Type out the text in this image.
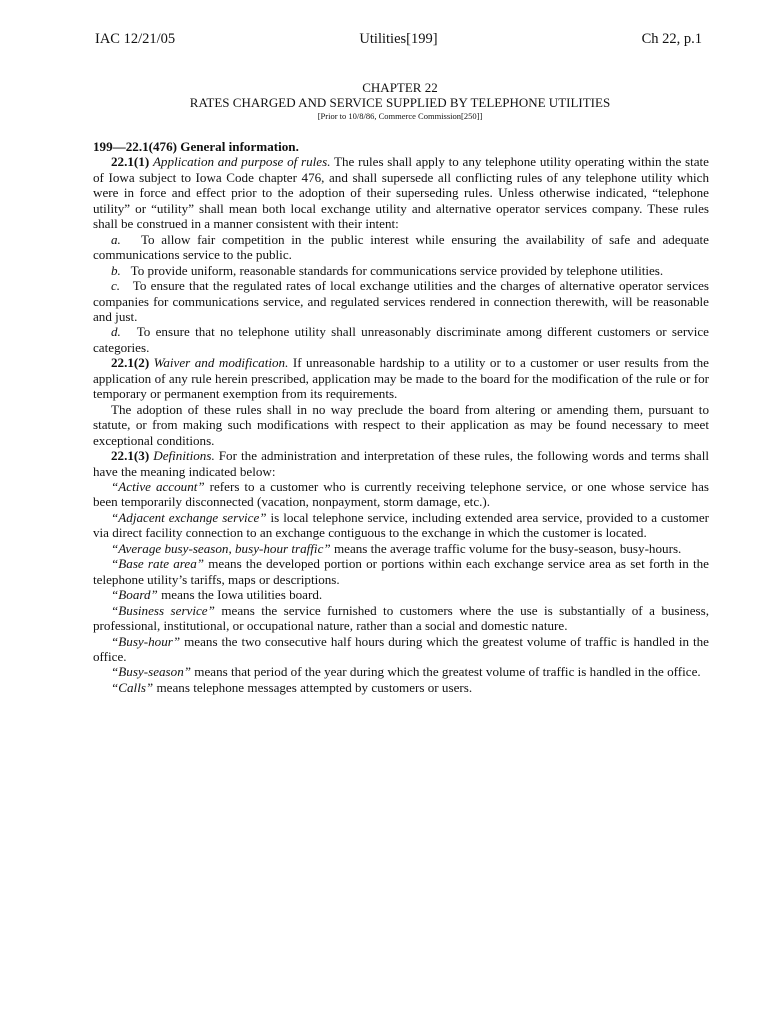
IAC 12/21/05	Utilities[199]	Ch 22, p.1
CHAPTER 22
RATES CHARGED AND SERVICE SUPPLIED BY TELEPHONE UTILITIES
[Prior to 10/8/86, Commerce Commission[250]]

199—22.1(476) General information.

22.1(1) Application and purpose of rules. The rules shall apply to any telephone utility operating within the state of Iowa subject to Iowa Code chapter 476, and shall supersede all conflicting rules of any telephone utility which were in force and effect prior to the adoption of their superseding rules. Unless otherwise indicated, “telephone utility” or “utility” shall mean both local exchange utility and alternative operator services company. These rules shall be construed in a manner consistent with their intent:

a. To allow fair competition in the public interest while ensuring the availability of safe and adequate communications service to the public.

b. To provide uniform, reasonable standards for communications service provided by telephone utilities.

c. To ensure that the regulated rates of local exchange utilities and the charges of alternative operator services companies for communications service, and regulated services rendered in connection therewith, will be reasonable and just.

d. To ensure that no telephone utility shall unreasonably discriminate among different customers or service categories.

22.1(2) Waiver and modification. If unreasonable hardship to a utility or to a customer or user results from the application of any rule herein prescribed, application may be made to the board for the modification of the rule or for temporary or permanent exemption from its requirements.

The adoption of these rules shall in no way preclude the board from altering or amending them, pursuant to statute, or from making such modifications with respect to their application as may be found necessary to meet exceptional conditions.

22.1(3) Definitions. For the administration and interpretation of these rules, the following words and terms shall have the meaning indicated below:

“Active account” refers to a customer who is currently receiving telephone service, or one whose service has been temporarily disconnected (vacation, nonpayment, storm damage, etc.).

“Adjacent exchange service” is local telephone service, including extended area service, provided to a customer via direct facility connection to an exchange contiguous to the exchange in which the customer is located.

“Average busy-season, busy-hour traffic” means the average traffic volume for the busy-season, busy-hours.

“Base rate area” means the developed portion or portions within each exchange service area as set forth in the telephone utility’s tariffs, maps or descriptions.

“Board” means the Iowa utilities board.

“Business service” means the service furnished to customers where the use is substantially of a business, professional, institutional, or occupational nature, rather than a social and domestic nature.

“Busy-hour” means the two consecutive half hours during which the greatest volume of traffic is handled in the office.

“Busy-season” means that period of the year during which the greatest volume of traffic is handled in the office.

“Calls” means telephone messages attempted by customers or users.
